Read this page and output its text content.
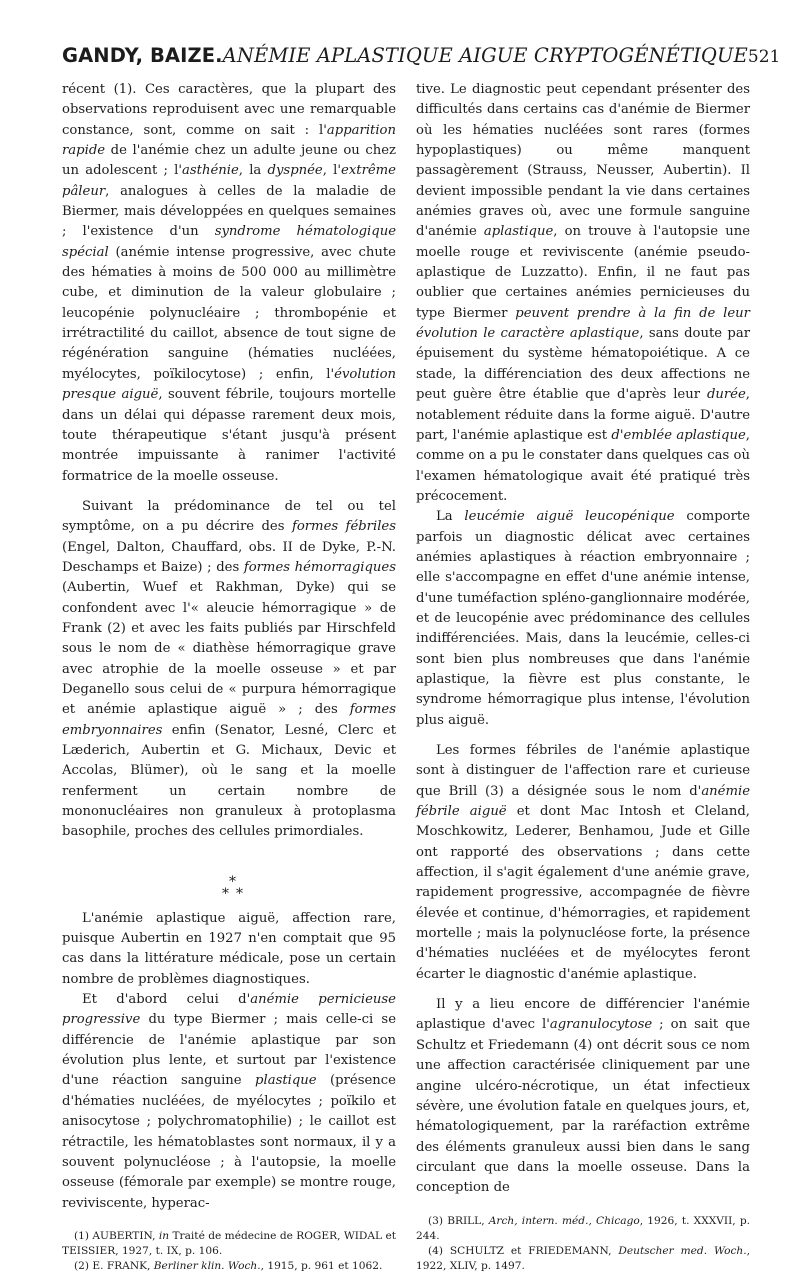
GANDY, BAIZE.ANÉMIE APLASTIQUE AIGUE CRYPTOGÉNÉTIQUE 521

récent (1). Ces caractères, que la plupart des observations reproduisent avec une remarquable constance, sont, comme on sait : l'apparition rapide de l'anémie chez un adulte jeune ou chez un adolescent ; l'asthénie, la dyspnée, l'extrême pâleur, analogues à celles de la maladie de Biermer, mais développées en quelques semaines ; l'existence d'un syndrome hématologique spécial (anémie intense progressive, avec chute des hématies à moins de 500 000 au millimètre cube, et diminution de la valeur globulaire ; leucopénie polynucléaire ; thrombopénie et irrétractilité du caillot, absence de tout signe de régénération sanguine (hématies nucléées, myélocytes, poïkilocytose) ; enfin, l'évolution presque aiguë, souvent fébrile, toujours mortelle dans un délai qui dépasse rarement deux mois, toute thérapeutique s'étant jusqu'à présent montrée impuissante à ranimer l'activité formatrice de la moelle osseuse.

Suivant la prédominance de tel ou tel symptôme, on a pu décrire des formes fébriles (Engel, Dalton, Chauffard, obs. II de Dyke, P.-N. Deschamps et Baize) ; des formes hémorragiques (Aubertin, Wuef et Rakhman, Dyke) qui se confondent avec l'« aleucie hémorragique » de Frank (2) et avec les faits publiés par Hirschfeld sous le nom de « diathèse hémorragique grave avec atrophie de la moelle osseuse » et par Deganello sous celui de « purpura hémorragique et anémie aplastique aiguë » ; des formes embryonnaires enfin (Senator, Lesné, Clerc et Læderich, Aubertin et G. Michaux, Devic et Accolas, Blümer), où le sang et la moelle renferment un certain nombre de mononucléaires non granuleux à protoplasma basophile, proches des cellules primordiales.

*
* *

L'anémie aplastique aiguë, affection rare, puisque Aubertin en 1927 n'en comptait que 95 cas dans la littérature médicale, pose un certain nombre de problèmes diagnostiques.

Et d'abord celui d'anémie pernicieuse progressive du type Biermer ; mais celle-ci se différencie de l'anémie aplastique par son évolution plus lente, et surtout par l'existence d'une réaction sanguine plastique (présence d'hématies nucléées, de myélocytes ; poïkilo et anisocytose ; polychromatophilie) ; le caillot est rétractile, les hématoblastes sont normaux, il y a souvent polynucléose ; à l'autopsie, la moelle osseuse (fémorale par exemple) se montre rouge, reviviscente, hyperac-

(1) AUBERTIN, in Traité de médecine de ROGER, WIDAL et TEISSIER, 1927, t. IX, p. 106.

(2) E. FRANK, Berliner klin. Woch., 1915, p. 961 et 1062.

tive. Le diagnostic peut cependant présenter des difficultés dans certains cas d'anémie de Biermer où les hématies nucléées sont rares (formes hypoplastiques) ou même manquent passagèrement (Strauss, Neusser, Aubertin). Il devient impossible pendant la vie dans certaines anémies graves où, avec une formule sanguine d'anémie aplastique, on trouve à l'autopsie une moelle rouge et reviviscente (anémie pseudo-aplastique de Luzzatto). Enfin, il ne faut pas oublier que certaines anémies pernicieuses du type Biermer peuvent prendre à la fin de leur évolution le caractère aplastique, sans doute par épuisement du système hématopoiétique. A ce stade, la différenciation des deux affections ne peut guère être établie que d'après leur durée, notablement réduite dans la forme aiguë. D'autre part, l'anémie aplastique est d'emblée aplastique, comme on a pu le constater dans quelques cas où l'examen hématologique avait été pratiqué très précocement.

La leucémie aiguë leucopénique comporte parfois un diagnostic délicat avec certaines anémies aplastiques à réaction embryonnaire ; elle s'accompagne en effet d'une anémie intense, d'une tuméfaction spléno-ganglionnaire modérée, et de leucopénie avec prédominance des cellules indifférenciées. Mais, dans la leucémie, celles-ci sont bien plus nombreuses que dans l'anémie aplastique, la fièvre est plus constante, le syndrome hémorragique plus intense, l'évolution plus aiguë.

Les formes fébriles de l'anémie aplastique sont à distinguer de l'affection rare et curieuse que Brill (3) a désignée sous le nom d'anémie fébrile aiguë et dont Mac Intosh et Cleland, Moschkowitz, Lederer, Benhamou, Jude et Gille ont rapporté des observations ; dans cette affection, il s'agit également d'une anémie grave, rapidement progressive, accompagnée de fièvre élevée et continue, d'hémorragies, et rapidement mortelle ; mais la polynucléose forte, la présence d'hématies nucléées et de myélocytes feront écarter le diagnostic d'anémie aplastique.

Il y a lieu encore de différencier l'anémie aplastique d'avec l'agranulocytose ; on sait que Schultz et Friedemann (4) ont décrit sous ce nom une affection caractérisée cliniquement par une angine ulcéro-nécrotique, un état infectieux sévère, une évolution fatale en quelques jours, et, hématologiquement, par la raréfaction extrême des éléments granuleux aussi bien dans le sang circulant que dans la moelle osseuse. Dans la conception de

(3) BRILL, Arch, intern. méd., Chicago, 1926, t. XXXVII, p. 244.

(4) SCHULTZ et FRIEDEMANN, Deutscher med. Woch., 1922, XLIV, p. 1497.
